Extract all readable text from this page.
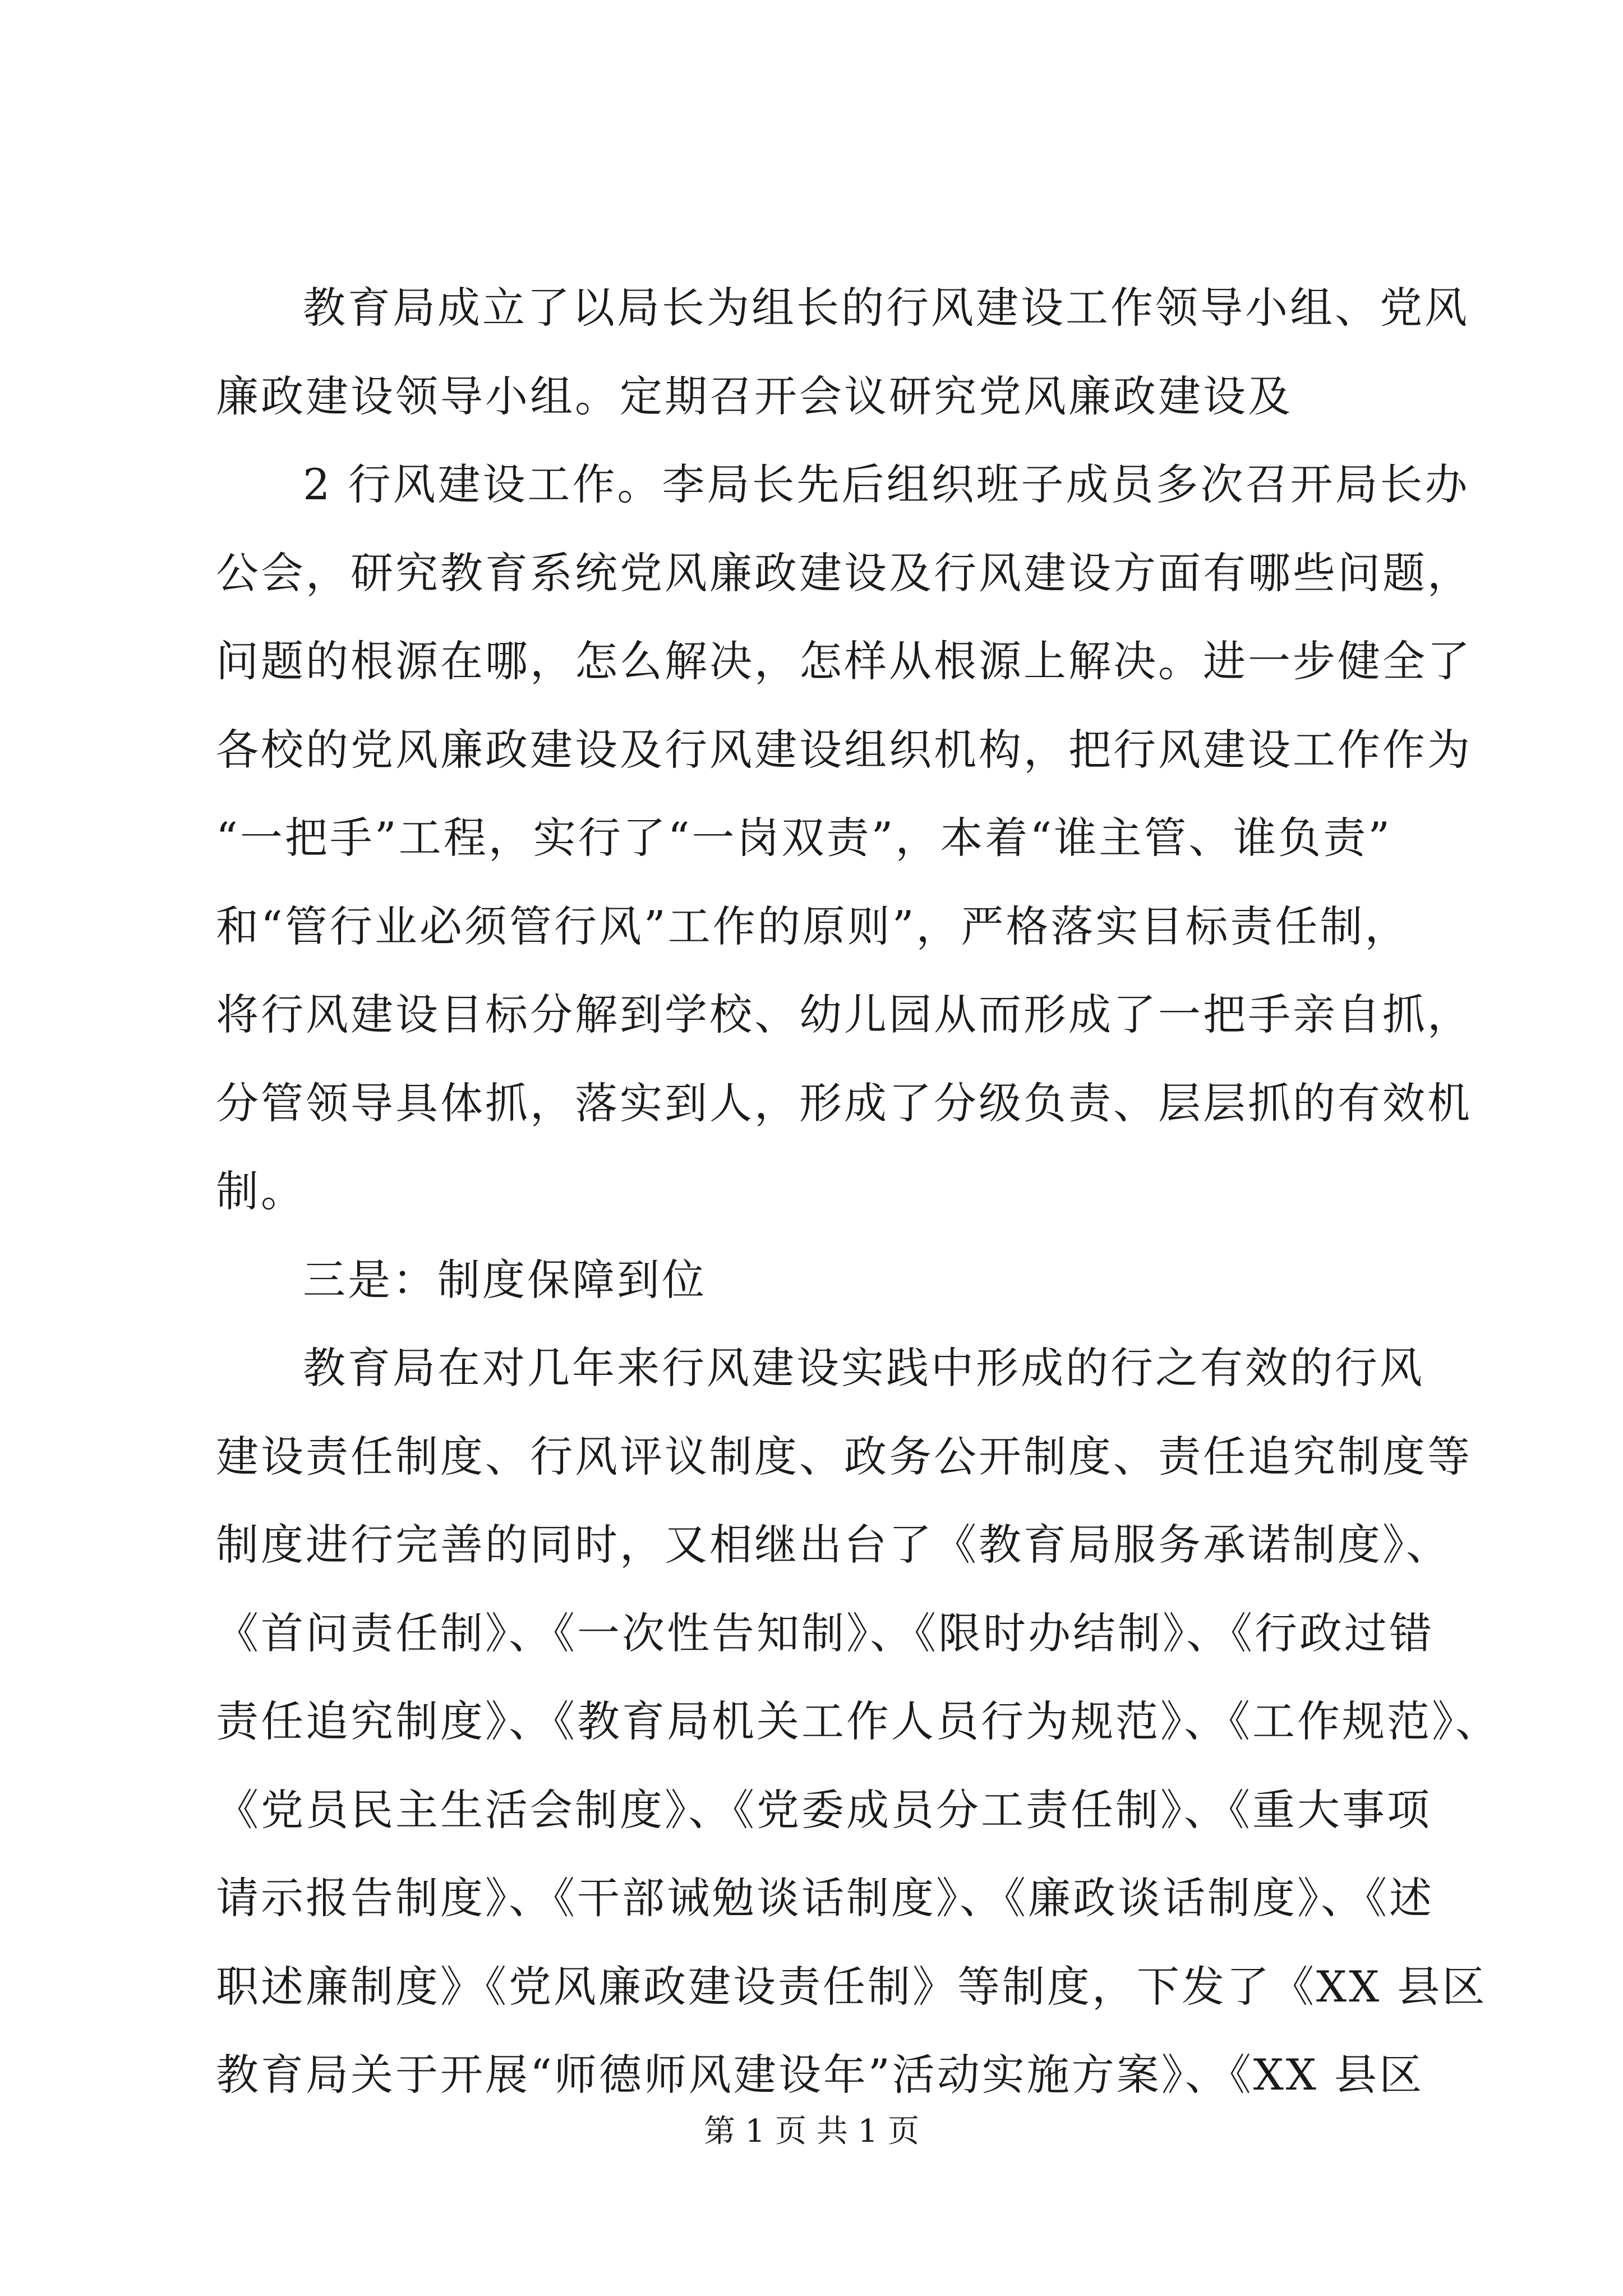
教育局成立了以局长为组长的行风建设工作领导小组、党风
廉政建设领导小组。定期召开会议研究党风廉政建设及
2 行风建设工作。李局长先后组织班子成员多次召开局长办
公会，研究教育系统党风廉政建设及行风建设方面有哪些问题，
问题的根源在哪，怎么解决，怎样从根源上解决。进一步健全了
各校的党风廉政建设及行风建设组织机构，把行风建设工作作为
“一把手”工程，实行了“一岗双责”，本着“谁主管、谁负责”
和“管行业必须管行风”工作的原则”，严格落实目标责任制，
将行风建设目标分解到学校、幼儿园从而形成了一把手亲自抓，
分管领导具体抓，落实到人，形成了分级负责、层层抓的有效机
制。
三是：制度保障到位
教育局在对几年来行风建设实践中形成的行之有效的行风
建设责任制度、行风评议制度、政务公开制度、责任追究制度等
制度进行完善的同时，又相继出台了《教育局服务承诺制度》、
《首问责任制》、《一次性告知制》、《限时办结制》、《行政过错
责任追究制度》、《教育局机关工作人员行为规范》、《工作规范》、
《党员民主生活会制度》、《党委成员分工责任制》、《重大事项
请示报告制度》、《干部诫勉谈话制度》、《廉政谈话制度》、《述
职述廉制度》《党风廉政建设责任制》等制度，下发了《XX 县区
教育局关于开展“师德师风建设年”活动实施方案》、《XX 县区
第 1 页 共 1 页
